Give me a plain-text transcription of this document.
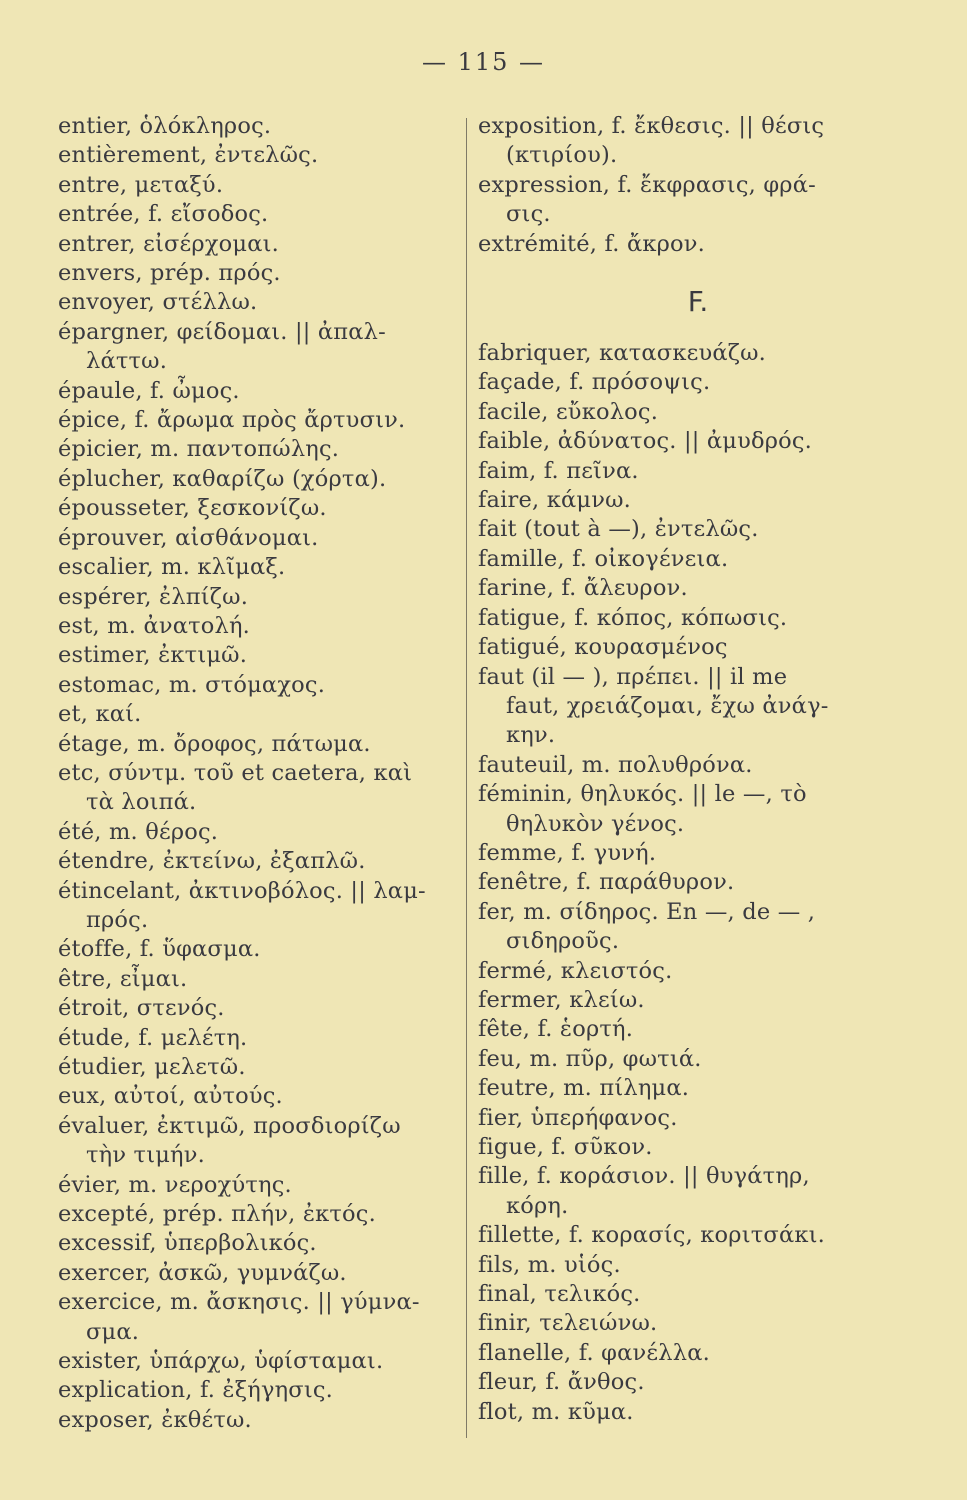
— 115 —
entier, ὁλόκληρος.
entièrement, ἐντελῶς.
entre, μεταξύ.
entrée, f. εἴσοδος.
entrer, εἰσέρχομαι.
envers, prép. πρός.
envoyer, στέλλω.
épargner, φείδομαι. || ἀπαλ-
λάττω.
épaule, f. ὦμος.
épice, f. ἄρωμα πρὸς ἄρτυσιν.
épicier, m. παντοπώλης.
éplucher, καθαρίζω (χόρτα).
épousseter, ξεσκονίζω.
éprouver, αἰσθάνομαι.
escalier, m. κλῖμαξ.
espérer, ἐλπίζω.
est, m. ἀνατολή.
estimer, ἐκτιμῶ.
estomac, m. στόμαχος.
et, καί.
étage, m. ὄροφος, πάτωμα.
etc, σύντμ. τοῦ et caetera, καὶ
τὰ λοιπά.
été, m. θέρος.
étendre, ἐκτείνω, ἐξαπλῶ.
étincelant, ἀκτινοβόλος. || λαμ-
πρός.
étoffe, f. ὕφασμα.
être, εἶμαι.
étroit, στενός.
étude, f. μελέτη.
étudier, μελετῶ.
eux, αὐτοί, αὐτούς.
évaluer, ἐκτιμῶ, προσδιορίζω
τὴν τιμήν.
évier, m. νεροχύτης.
excepté, prép. πλήν, ἐκτός.
excessif, ὑπερβολικός.
exercer, ἀσκῶ, γυμνάζω.
exercice, m. ἄσκησις. || γύμνα-
σμα.
exister, ὑπάρχω, ὑφίσταμαι.
explication, f. ἐξήγησις.
exposer, ἐκθέτω.
exposition, f. ἔκθεσις. || θέσις
(κτιρίου).
expression, f. ἔκφρασις, φρά-
σις.
extrémité, f. ἄκρον.
F.
fabriquer, κατασκευάζω.
façade, f. πρόσοψις.
facile, εὔκολος.
faible, ἀδύνατος. || ἀμυδρός.
faim, f. πεῖνα.
faire, κάμνω.
fait (tout à —), ἐντελῶς.
famille, f. οἰκογένεια.
farine, f. ἄλευρον.
fatigue, f. κόπος, κόπωσις.
fatigué, κουρασμένος
faut (il — ), πρέπει. || il me
faut, χρειάζομαι, ἔχω ἀνάγ-
κην.
fauteuil, m. πολυθρόνα.
féminin, θηλυκός. || le —, τὸ
θηλυκὸν γένος.
femme, f. γυνή.
fenêtre, f. παράθυρον.
fer, m. σίδηρος. En —, de — ,
σιδηροῦς.
fermé, κλειστός.
fermer, κλείω.
fête, f. ἑορτή.
feu, m. πῦρ, φωτιά.
feutre, m. πίλημα.
fier, ὑπερήφανος.
figue, f. σῦκον.
fille, f. κοράσιον. || θυγάτηρ,
κόρη.
fillette, f. κορασίς, κοριτσάκι.
fils, m. υἱός.
final, τελικός.
finir, τελειώνω.
flanelle, f. φανέλλα.
fleur, f. ἄνθος.
flot, m. κῦμα.
